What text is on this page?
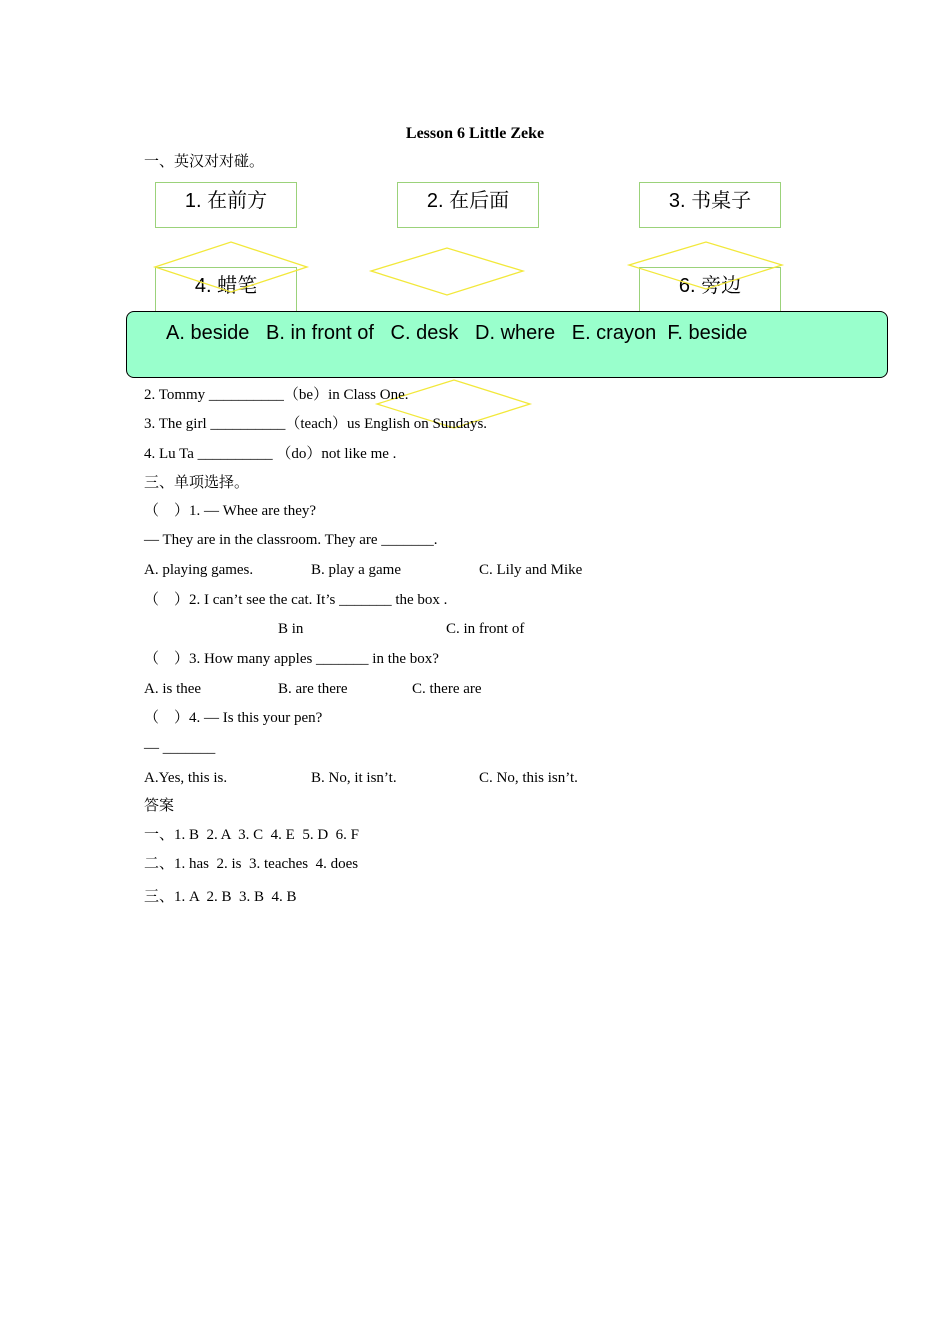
Lesson 6 Little Zeke
一、英汉对对碰。
1. 在前方	2. 在后面	3. 书桌子
4. 蜡笔	6. 旁边
A. beside   B. in front of   C. desk   D. where   E. crayon  F. beside
2. Tommy __________（be）in Class One.
3. The girl __________（teach）us English on Sundays.
4. Lu Ta __________ （do）not like me .
三、单项选择。
（    ）1. — Whee are they?
— They are in the classroom. They are _______.
A. playing games.	B. play a game	C. Lily and Mike
（    ）2. I can’t see the cat. It’s _______ the box .
B in	C. in front of
（    ）3. How many apples _______ in the box?
A. is thee	B. are there	C. there are
（    ）4. — Is this your pen?
— _______
A.Yes, this is.	B. No, it isn’t.	C. No, this isn’t.
答案
一、1. B  2. A  3. C  4. E  5. D  6. F
二、1. has  2. is  3. teaches  4. does
三、1. A  2. B  3. B  4. B
